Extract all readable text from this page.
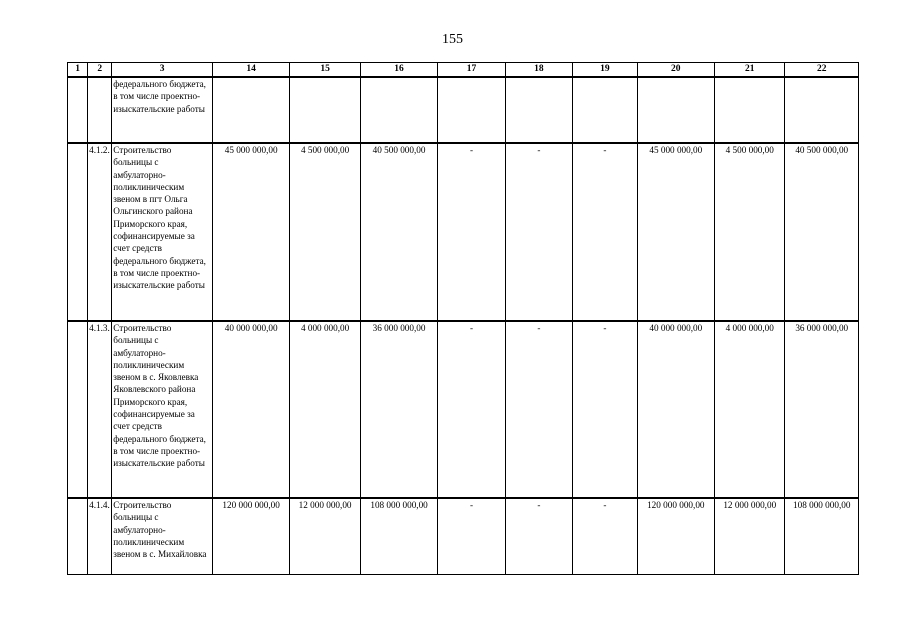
155
1	2	3	14	15	16	17	18	19	20	21	22
		федерального бюджета, в том числе проектно-изыскательские работы									
	4.1.2.	Строительство больницы с амбулаторно-поликлиническим звеном в пгт Ольга Ольгинского района Приморского края, софинансируемые за счет средств федерального бюджета, в том числе проектно-изыскательские работы	45 000 000,00	4 500 000,00	40 500 000,00	-	-	-	45 000 000,00	4 500 000,00	40 500 000,00
	4.1.3.	Строительство больницы с амбулаторно-поликлиническим звеном в с. Яковлевка Яковлевского района Приморского края, софинансируемые за счет средств федерального бюджета, в том числе проектно-изыскательские работы	40 000 000,00	4 000 000,00	36 000 000,00	-	-	-	40 000 000,00	4 000 000,00	36 000 000,00
	4.1.4.	Строительство больницы с амбулаторно-поликлиническим звеном в с. Михайловка	120 000 000,00	12 000 000,00	108 000 000,00	-	-	-	120 000 000,00	12 000 000,00	108 000 000,00
